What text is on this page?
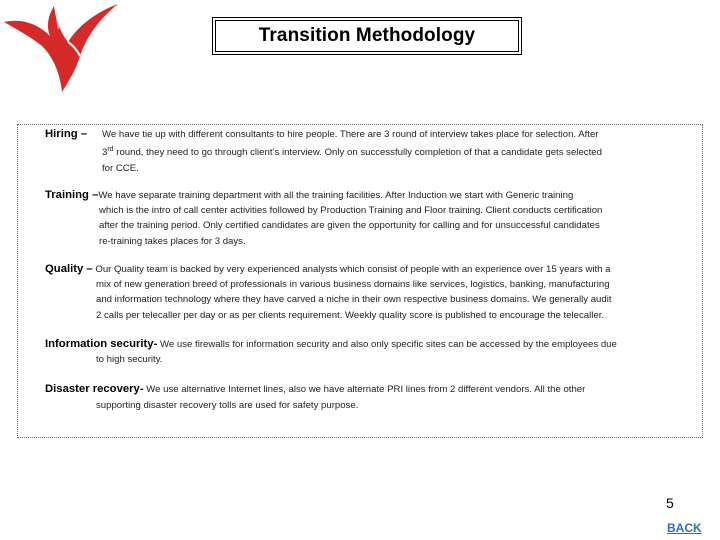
Transition Methodology
Hiring – We have tie up with different consultants to hire people. There are 3 round of interview takes place for selection. After
3rd round, they need to go through client’s interview. Only on successfully completion of that a candidate gets selected
for CCE.
Training –We have separate training department with all the training facilities. After Induction we start with Generic training
which is the intro of call center activities followed by Production Training and Floor training. Client conducts certification
after the training period. Only certified candidates are given the opportunity for calling and for unsuccessful candidates
re-training takes places for 3 days.
Quality – Our Quality team is backed by very experienced analysts which consist of people with an experience over 15 years with a
mix of new generation breed of professionals in various business domains like services, logistics, banking, manufacturing
and information technology where they have carved a niche in their own respective business domains. We generally audit
2 calls per telecaller per day or as per clients requirement. Weekly quality score is published to encourage the telecaller.
Information security- We use firewalls for information security and also only specific sites can be accessed by the employees due
to high security.
Disaster recovery- We use alternative Internet lines, also we have alternate PRI lines from 2 different vendors. All the other
supporting disaster recovery tolls are used for safety purpose.
5
BACK
